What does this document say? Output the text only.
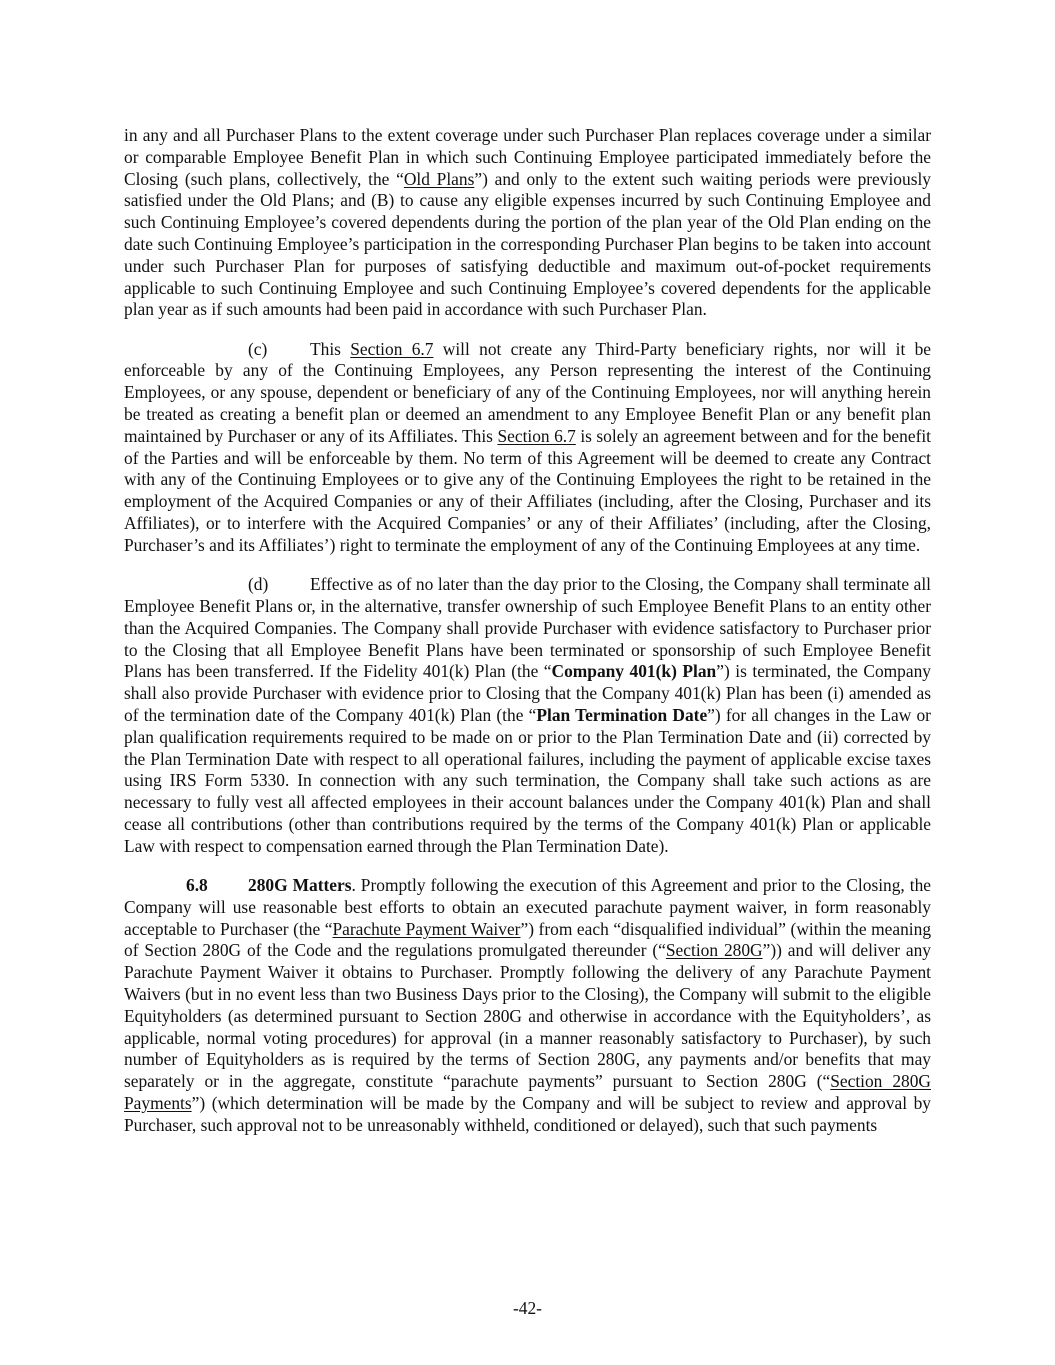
in any and all Purchaser Plans to the extent coverage under such Purchaser Plan replaces coverage under a similar or comparable Employee Benefit Plan in which such Continuing Employee participated immediately before the Closing (such plans, collectively, the “Old Plans”) and only to the extent such waiting periods were previously satisfied under the Old Plans; and (B) to cause any eligible expenses incurred by such Continuing Employee and such Continuing Employee’s covered dependents during the portion of the plan year of the Old Plan ending on the date such Continuing Employee’s participation in the corresponding Purchaser Plan begins to be taken into account under such Purchaser Plan for purposes of satisfying deductible and maximum out-of-pocket requirements applicable to such Continuing Employee and such Continuing Employee’s covered dependents for the applicable plan year as if such amounts had been paid in accordance with such Purchaser Plan.

(c) This Section 6.7 will not create any Third-Party beneficiary rights, nor will it be enforceable by any of the Continuing Employees, any Person representing the interest of the Continuing Employees, or any spouse, dependent or beneficiary of any of the Continuing Employees, nor will anything herein be treated as creating a benefit plan or deemed an amendment to any Employee Benefit Plan or any benefit plan maintained by Purchaser or any of its Affiliates. This Section 6.7 is solely an agreement between and for the benefit of the Parties and will be enforceable by them. No term of this Agreement will be deemed to create any Contract with any of the Continuing Employees or to give any of the Continuing Employees the right to be retained in the employment of the Acquired Companies or any of their Affiliates (including, after the Closing, Purchaser and its Affiliates), or to interfere with the Acquired Companies’ or any of their Affiliates’ (including, after the Closing, Purchaser’s and its Affiliates’) right to terminate the employment of any of the Continuing Employees at any time.

(d) Effective as of no later than the day prior to the Closing, the Company shall terminate all Employee Benefit Plans or, in the alternative, transfer ownership of such Employee Benefit Plans to an entity other than the Acquired Companies. The Company shall provide Purchaser with evidence satisfactory to Purchaser prior to the Closing that all Employee Benefit Plans have been terminated or sponsorship of such Employee Benefit Plans has been transferred. If the Fidelity 401(k) Plan (the “Company 401(k) Plan”) is terminated, the Company shall also provide Purchaser with evidence prior to Closing that the Company 401(k) Plan has been (i) amended as of the termination date of the Company 401(k) Plan (the “Plan Termination Date”) for all changes in the Law or plan qualification requirements required to be made on or prior to the Plan Termination Date and (ii) corrected by the Plan Termination Date with respect to all operational failures, including the payment of applicable excise taxes using IRS Form 5330. In connection with any such termination, the Company shall take such actions as are necessary to fully vest all affected employees in their account balances under the Company 401(k) Plan and shall cease all contributions (other than contributions required by the terms of the Company 401(k) Plan or applicable Law with respect to compensation earned through the Plan Termination Date).

6.8 280G Matters. Promptly following the execution of this Agreement and prior to the Closing, the Company will use reasonable best efforts to obtain an executed parachute payment waiver, in form reasonably acceptable to Purchaser (the “Parachute Payment Waiver”) from each “disqualified individual” (within the meaning of Section 280G of the Code and the regulations promulgated thereunder (“Section 280G”)) and will deliver any Parachute Payment Waiver it obtains to Purchaser. Promptly following the delivery of any Parachute Payment Waivers (but in no event less than two Business Days prior to the Closing), the Company will submit to the eligible Equityholders (as determined pursuant to Section 280G and otherwise in accordance with the Equityholders’, as applicable, normal voting procedures) for approval (in a manner reasonably satisfactory to Purchaser), by such number of Equityholders as is required by the terms of Section 280G, any payments and/or benefits that may separately or in the aggregate, constitute “parachute payments” pursuant to Section 280G (“Section 280G Payments”) (which determination will be made by the Company and will be subject to review and approval by Purchaser, such approval not to be unreasonably withheld, conditioned or delayed), such that such payments

-42-
